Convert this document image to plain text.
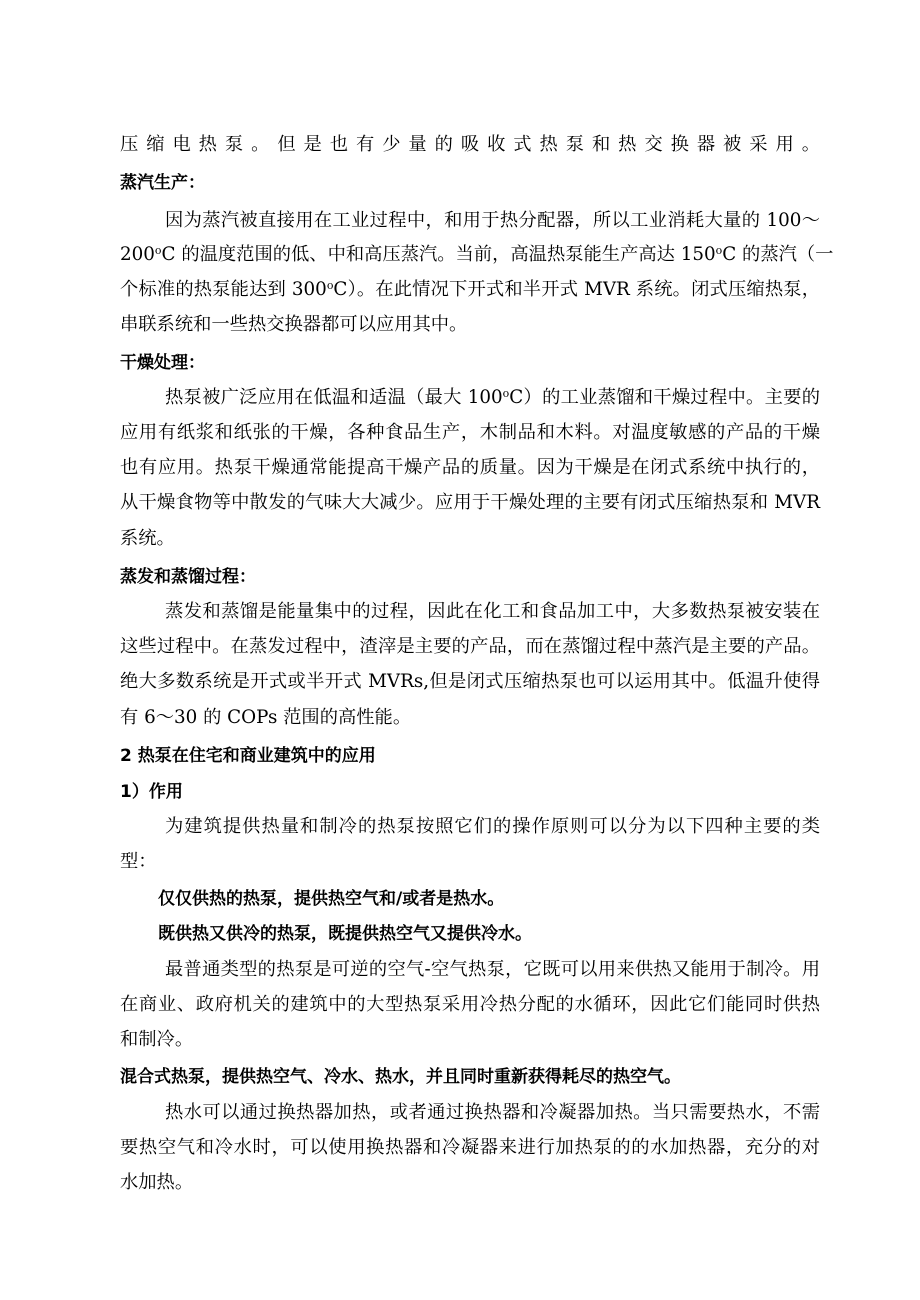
压缩电热泵。但是也有少量的吸收式热泵和热交换器被采用。
蒸汽生产：
因为蒸汽被直接用在工业过程中，和用于热分配器，所以工业消耗大量的 100～
200$^o$C 的温度范围的低、中和高压蒸汽。当前，高温热泵能生产高达 150$^o$C 的蒸汽（一
个标准的热泵能达到 300$^o$C）。在此情况下开式和半开式 MVR 系统。闭式压缩热泵，
串联系统和一些热交换器都可以应用其中。
干燥处理：
热泵被广泛应用在低温和适温（最大 100$^o$C）的工业蒸馏和干燥过程中。主要的
应用有纸浆和纸张的干燥，各种食品生产，木制品和木料。对温度敏感的产品的干燥
也有应用。热泵干燥通常能提高干燥产品的质量。因为干燥是在闭式系统中执行的，
从干燥食物等中散发的气味大大减少。应用于干燥处理的主要有闭式压缩热泵和 MVR
系统。
蒸发和蒸馏过程：
蒸发和蒸馏是能量集中的过程，因此在化工和食品加工中，大多数热泵被安装在
这些过程中。在蒸发过程中，渣滓是主要的产品，而在蒸馏过程中蒸汽是主要的产品。
绝大多数系统是开式或半开式 MVRs,但是闭式压缩热泵也可以运用其中。低温升使得
有 6～30 的 COPs 范围的高性能。
2 热泵在住宅和商业建筑中的应用
1）作用
为建筑提供热量和制冷的热泵按照它们的操作原则可以分为以下四种主要的类
型：
仅仅供热的热泵，提供热空气和/或者是热水。
既供热又供冷的热泵，既提供热空气又提供冷水。
最普通类型的热泵是可逆的空气-空气热泵，它既可以用来供热又能用于制冷。用
在商业、政府机关的建筑中的大型热泵采用冷热分配的水循环，因此它们能同时供热
和制冷。
混合式热泵，提供热空气、冷水、热水，并且同时重新获得耗尽的热空气。
热水可以通过换热器加热，或者通过换热器和冷凝器加热。当只需要热水，不需
要热空气和冷水时，可以使用换热器和冷凝器来进行加热泵的的水加热器，充分的对
水加热。
